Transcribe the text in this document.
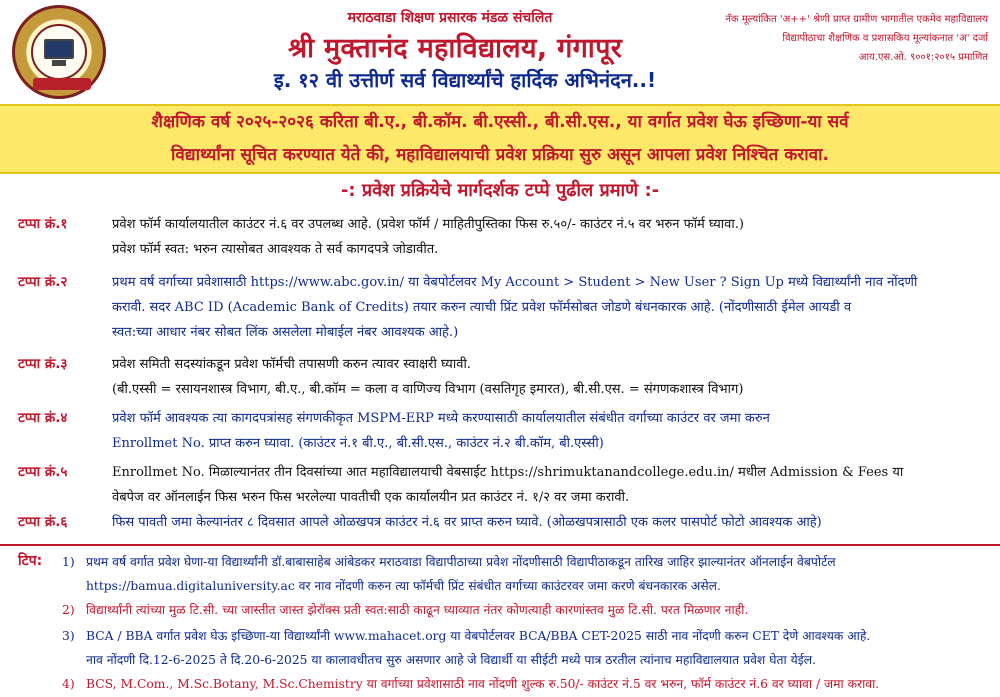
मराठवाडा शिक्षण प्रसारक मंडळ संचलित
श्री मुक्तानंद महाविद्यालय, गंगापूर
इ. १२ वी उत्तीर्ण सर्व विद्यार्थ्यांचे हार्दिक अभिनंदन..!
नॅक मूल्यांकित 'अ++' श्रेणी प्राप्त ग्रामीण भागातील एकमेव महाविद्यालय
विद्यापीठाचा शैक्षणिक व प्रशासकिय मूल्यांकनात 'अ' दर्जा
आय.एस.ओ. ९००१:२०१५ प्रमाणित

शैक्षणिक वर्ष २०२५-२०२६ करिता बी.ए., बी.कॉम. बी.एस्सी., बी.सी.एस., या वर्गात प्रवेश घेऊ इच्छिणा-या सर्व

विद्यार्थ्यांना सूचित करण्यात येते की, महाविद्यालयाची प्रवेश प्रक्रिया सुरु असून आपला प्रवेश निश्चित करावा.

-: प्रवेश प्रक्रियेचे मार्गदर्शक टप्पे पुढील प्रमाणे :-
टप्पा क्रं.१	प्रवेश फॉर्म कार्यालयातील काउंटर नं.६ वर उपलब्ध आहे. (प्रवेश फॉर्म / माहितीपुस्तिका फिस रु.५०/- काउंटर नं.५ वर भरुन फॉर्म घ्यावा.)
प्रवेश फॉर्म स्वत: भरुन त्यासोबत आवश्यक ते सर्व कागदपत्रे जोडावीत.
टप्पा क्रं.२	प्रथम वर्ष वर्गाच्या प्रवेशासाठी https://www.abc.gov.in/ या वेबपोर्टलवर My Account > Student > New User ? Sign Up मध्ये विद्यार्थ्यांनी नाव नोंदणी
करावी. सदर ABC ID (Academic Bank of Credits) तयार करुन त्याची प्रिंट प्रवेश फॉर्मसोबत जोडणे बंधनकारक आहे. (नोंदणीसाठी ईमेल आयडी व
स्वत:च्या आधार नंबर सोबत लिंक असलेला मोबाईल नंबर आवश्यक आहे.)
टप्पा क्रं.३	प्रवेश समिती सदस्यांकडून प्रवेश फॉर्मची तपासणी करुन त्यावर स्वाक्षरी घ्यावी.
(बी.एस्सी = रसायनशास्त्र विभाग, बी.ए., बी.कॉम = कला व वाणिज्य विभाग (वसतिगृह इमारत), बी.सी.एस. = संगणकशास्त्र विभाग)
टप्पा क्रं.४	प्रवेश फॉर्म आवश्यक त्या कागदपत्रांसह संगणकीकृत MSPM-ERP मध्ये करण्यासाठी कार्यालयातील संबंधीत वर्गाच्या काउंटर वर जमा करुन
Enrollmet No. प्राप्त करुन घ्यावा. (काउंटर नं.१ बी.ए., बी.सी.एस., काउंटर नं.२ बी.कॉम, बी.एस्सी)
टप्पा क्रं.५	Enrollmet No. मिळाल्यानंतर तीन दिवसांच्या आत महाविद्यालयाची वेबसाईट https://shrimuktanandcollege.edu.in/ मधील Admission & Fees या
वेबपेज वर ऑनलाईन फिस भरुन फिस भरलेल्या पावतीची एक कार्यालयीन प्रत काउंटर नं. १/२ वर जमा करावी.
टप्पा क्रं.६	फिस पावती जमा केल्यानंतर ८ दिवसात आपले ओळखपत्र काउंटर नं.६ वर प्राप्त करुन घ्यावे. (ओळखपत्रासाठी एक कलर पासपोर्ट फोटो आवश्यक आहे)
टिप: 1) प्रथम वर्ष वर्गात प्रवेश घेणा-या विद्यार्थ्यांनी डॉ.बाबासाहेब आंबेडकर मराठवाडा विद्यापीठाच्या प्रवेश नोंदणीसाठी विद्यापीठाकडून तारिख जाहिर झाल्यानंतर ऑनलाईन वेबपोर्टल
https://bamua.digitaluniversity.ac वर नाव नोंदणी करुन त्या फॉर्मची प्रिंट संबंधीत वर्गाच्या काउंटरवर जमा करणे बंधनकारक असेल.
2) विद्यार्थ्यांनी त्यांच्या मुळ टि.सी. च्या जास्तीत जास्त झेरॉक्स प्रती स्वत:साठी काढून घ्याव्यात नंतर कोणत्याही कारणांस्तव मुळ टि.सी. परत मिळणार नाही.
3) BCA / BBA वर्गात प्रवेश घेऊ इच्छिणा-या विद्यार्थ्यांनी www.mahacet.org या वेबपोर्टलवर BCA/BBA CET-2025 साठी नाव नोंदणी करुन CET देणे आवश्यक आहे.
नाव नोंदणी दि.12-6-2025 ते दि.20-6-2025 या कालावधीतच सुरु असणार आहे जे विद्यार्थी या सीईटी मध्ये पात्र ठरतील त्यांनाच महाविद्यालयात प्रवेश घेता येईल.
4) BCS, M.Com., M.Sc.Botany, M.Sc.Chemistry या वर्गाच्या प्रवेशासाठी नाव नोंदणी शुल्क रु.50/- काउंटर नं.5 वर भरुन, फॉर्म काउंटर नं.6 वर घ्यावा / जमा करावा.
